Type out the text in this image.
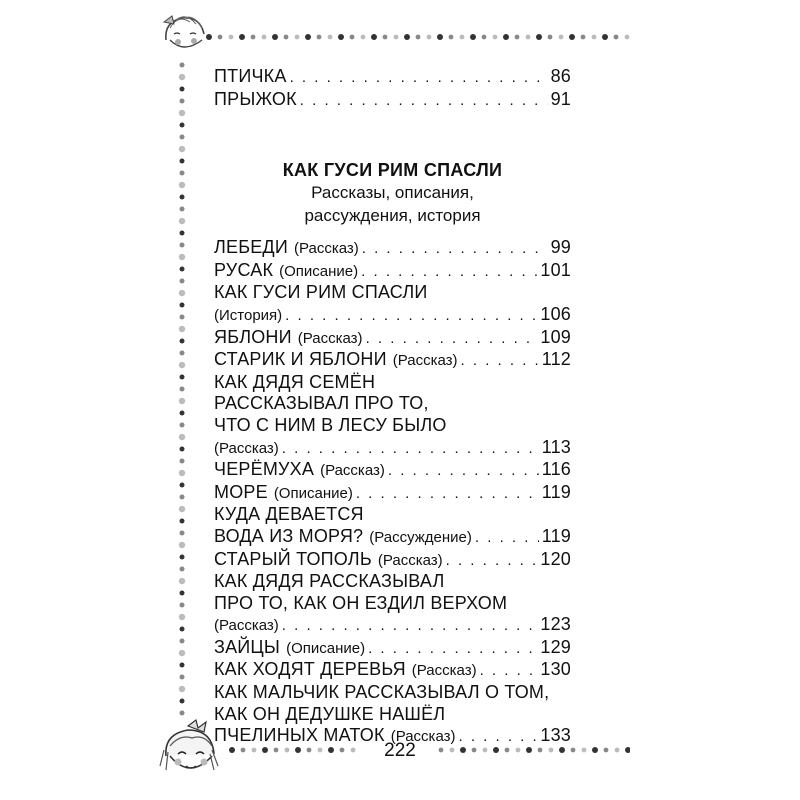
222
ПТИЧКА . . .	86
ПРЫЖОК . . .	91
КАК ГУСИ РИМ СПАСЛИ
Рассказы, описания,
рассуждения, история
ЛЕБЕДИ (Рассказ) . . .	99
РУСАК (Описание) . . .	101
КАК ГУСИ РИМ СПАСЛИ
(История) . . .	106
ЯБЛОНИ (Рассказ) . . .	109
СТАРИК И ЯБЛОНИ (Рассказ) . . .	112
КАК ДЯДЯ СЕМЁН
РАССКАЗЫВАЛ ПРО ТО,
ЧТО С НИМ В ЛЕСУ БЫЛО
(Рассказ) . . .	113
ЧЕРЁМУХА (Рассказ) . . .	116
МОРЕ (Описание) . . .	119
КУДА ДЕВАЕТСЯ
ВОДА ИЗ МОРЯ? (Рассуждение) . . .	119
СТАРЫЙ ТОПОЛЬ (Рассказ) . . .	120
КАК ДЯДЯ РАССКАЗЫВАЛ
ПРО ТО, КАК ОН ЕЗДИЛ ВЕРХОМ
(Рассказ) . . .	123
ЗАЙЦЫ (Описание) . . .	129
КАК ХОДЯТ ДЕРЕВЬЯ (Рассказ) . . .	130
КАК МАЛЬЧИК РАССКАЗЫВАЛ О ТОМ,
КАК ОН ДЕДУШКЕ НАШЁЛ
ПЧЕЛИНЫХ МАТОК (Рассказ) . . .	133
